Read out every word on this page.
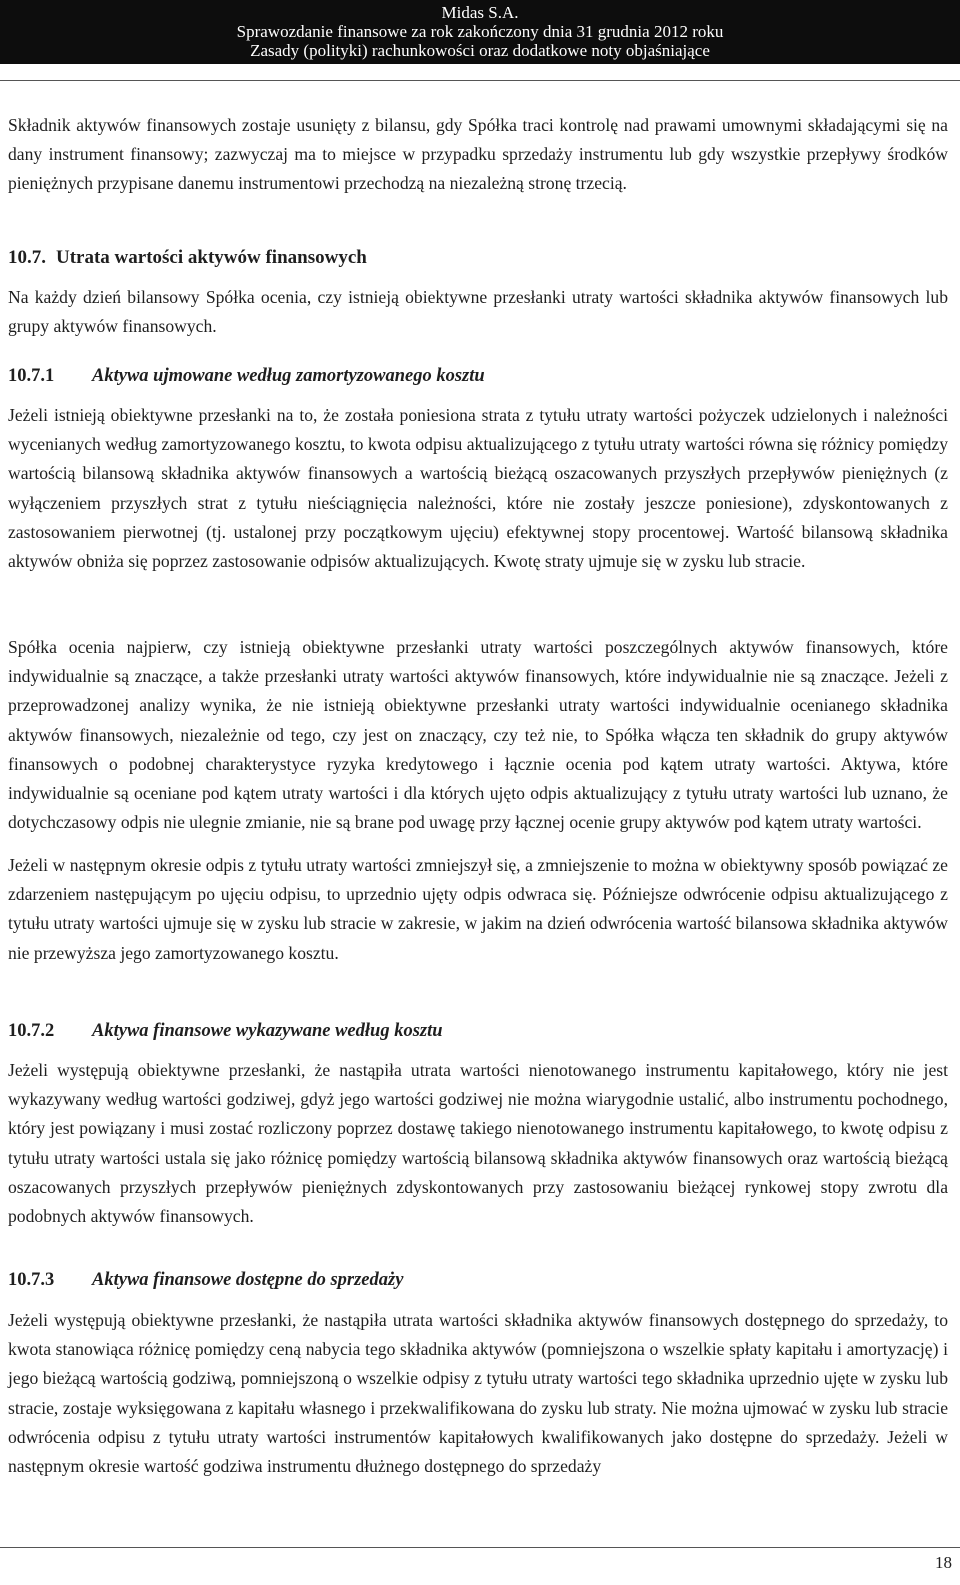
Midas S.A.
Sprawozdanie finansowe za rok zakończony dnia 31 grudnia 2012 roku
Zasady (polityki) rachunkowości oraz dodatkowe noty objaśniające

Składnik aktywów finansowych zostaje usunięty z bilansu, gdy Spółka traci kontrolę nad prawami umownymi składającymi się na dany instrument finansowy; zazwyczaj ma to miejsce w przypadku sprzedaży instrumentu lub gdy wszystkie przepływy środków pieniężnych przypisane danemu instrumentowi przechodzą na niezależną stronę trzecią.

10.7. Utrata wartości aktywów finansowych

Na każdy dzień bilansowy Spółka ocenia, czy istnieją obiektywne przesłanki utraty wartości składnika aktywów finansowych lub grupy aktywów finansowych.

10.7.1 Aktywa ujmowane według zamortyzowanego kosztu

Jeżeli istnieją obiektywne przesłanki na to, że została poniesiona strata z tytułu utraty wartości pożyczek udzielonych i należności wycenianych według zamortyzowanego kosztu, to kwota odpisu aktualizującego z tytułu utraty wartości równa się różnicy pomiędzy wartością bilansową składnika aktywów finansowych a wartością bieżącą oszacowanych przyszłych przepływów pieniężnych (z wyłączeniem przyszłych strat z tytułu nieściągnięcia należności, które nie zostały jeszcze poniesione), zdyskontowanych z zastosowaniem pierwotnej (tj. ustalonej przy początkowym ujęciu) efektywnej stopy procentowej. Wartość bilansową składnika aktywów obniża się poprzez zastosowanie odpisów aktualizujących. Kwotę straty ujmuje się w zysku lub stracie.

Spółka ocenia najpierw, czy istnieją obiektywne przesłanki utraty wartości poszczególnych aktywów finansowych, które indywidualnie są znaczące, a także przesłanki utraty wartości aktywów finansowych, które indywidualnie nie są znaczące. Jeżeli z przeprowadzonej analizy wynika, że nie istnieją obiektywne przesłanki utraty wartości indywidualnie ocenianego składnika aktywów finansowych, niezależnie od tego, czy jest on znaczący, czy też nie, to Spółka włącza ten składnik do grupy aktywów finansowych o podobnej charakterystyce ryzyka kredytowego i łącznie ocenia pod kątem utraty wartości. Aktywa, które indywidualnie są oceniane pod kątem utraty wartości i dla których ujęto odpis aktualizujący z tytułu utraty wartości lub uznano, że dotychczasowy odpis nie ulegnie zmianie, nie są brane pod uwagę przy łącznej ocenie grupy aktywów pod kątem utraty wartości.

Jeżeli w następnym okresie odpis z tytułu utraty wartości zmniejszył się, a zmniejszenie to można w obiektywny sposób powiązać ze zdarzeniem następującym po ujęciu odpisu, to uprzednio ujęty odpis odwraca się. Późniejsze odwrócenie odpisu aktualizującego z tytułu utraty wartości ujmuje się w zysku lub stracie w zakresie, w jakim na dzień odwrócenia wartość bilansowa składnika aktywów nie przewyższa jego zamortyzowanego kosztu.

10.7.2 Aktywa finansowe wykazywane według kosztu

Jeżeli występują obiektywne przesłanki, że nastąpiła utrata wartości nienotowanego instrumentu kapitałowego, który nie jest wykazywany według wartości godziwej, gdyż jego wartości godziwej nie można wiarygodnie ustalić, albo instrumentu pochodnego, który jest powiązany i musi zostać rozliczony poprzez dostawę takiego nienotowanego instrumentu kapitałowego, to kwotę odpisu z tytułu utraty wartości ustala się jako różnicę pomiędzy wartością bilansową składnika aktywów finansowych oraz wartością bieżącą oszacowanych przyszłych przepływów pieniężnych zdyskontowanych przy zastosowaniu bieżącej rynkowej stopy zwrotu dla podobnych aktywów finansowych.

10.7.3 Aktywa finansowe dostępne do sprzedaży

Jeżeli występują obiektywne przesłanki, że nastąpiła utrata wartości składnika aktywów finansowych dostępnego do sprzedaży, to kwota stanowiąca różnicę pomiędzy ceną nabycia tego składnika aktywów (pomniejszona o wszelkie spłaty kapitału i amortyzację) i jego bieżącą wartością godziwą, pomniejszoną o wszelkie odpisy z tytułu utraty wartości tego składnika uprzednio ujęte w zysku lub stracie, zostaje wyksięgowana z kapitału własnego i przekwalifikowana do zysku lub straty. Nie można ujmować w zysku lub stracie odwrócenia odpisu z tytułu utraty wartości instrumentów kapitałowych kwalifikowanych jako dostępne do sprzedaży. Jeżeli w następnym okresie wartość godziwa instrumentu dłużnego dostępnego do sprzedaży

18
